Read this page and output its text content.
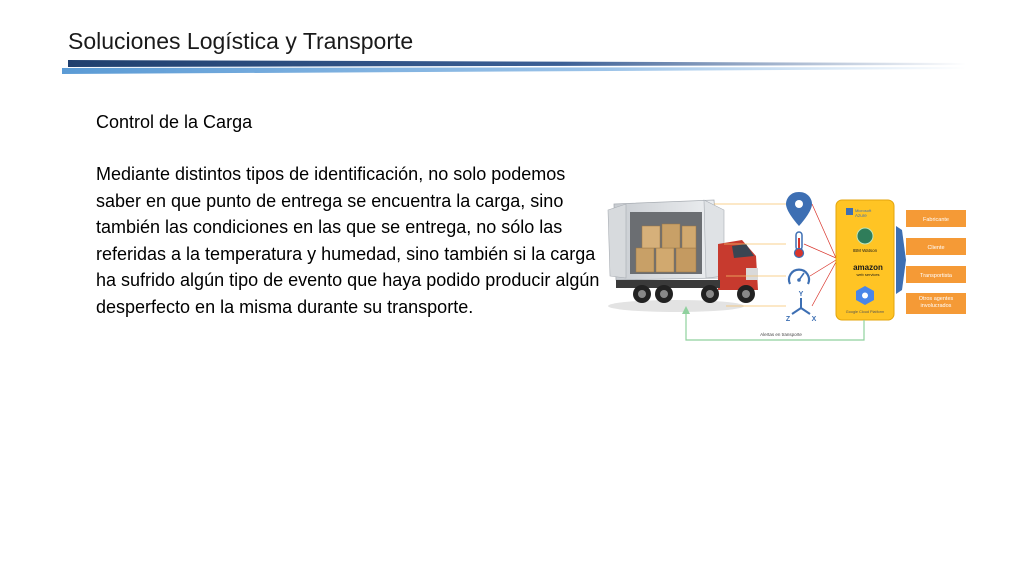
Soluciones Logística y Transporte

Control de la Carga

Mediante distintos tipos de identificación, no solo podemos saber en que punto de entrega se encuentra la carga, sino también las condiciones en las que se entrega, no sólo las referidas a la temperatura y humedad, sino también si la carga ha sufrido algún tipo de evento que haya podido producir algún desperfecto en la misma durante su transporte.

Y
Z	X
Microsoft
Azure
IBM Watson
amazon
web services
Google Cloud Platform
Fabricante
Cliente
Transportista
Otros agentes involucrados
Alertas en transporte
